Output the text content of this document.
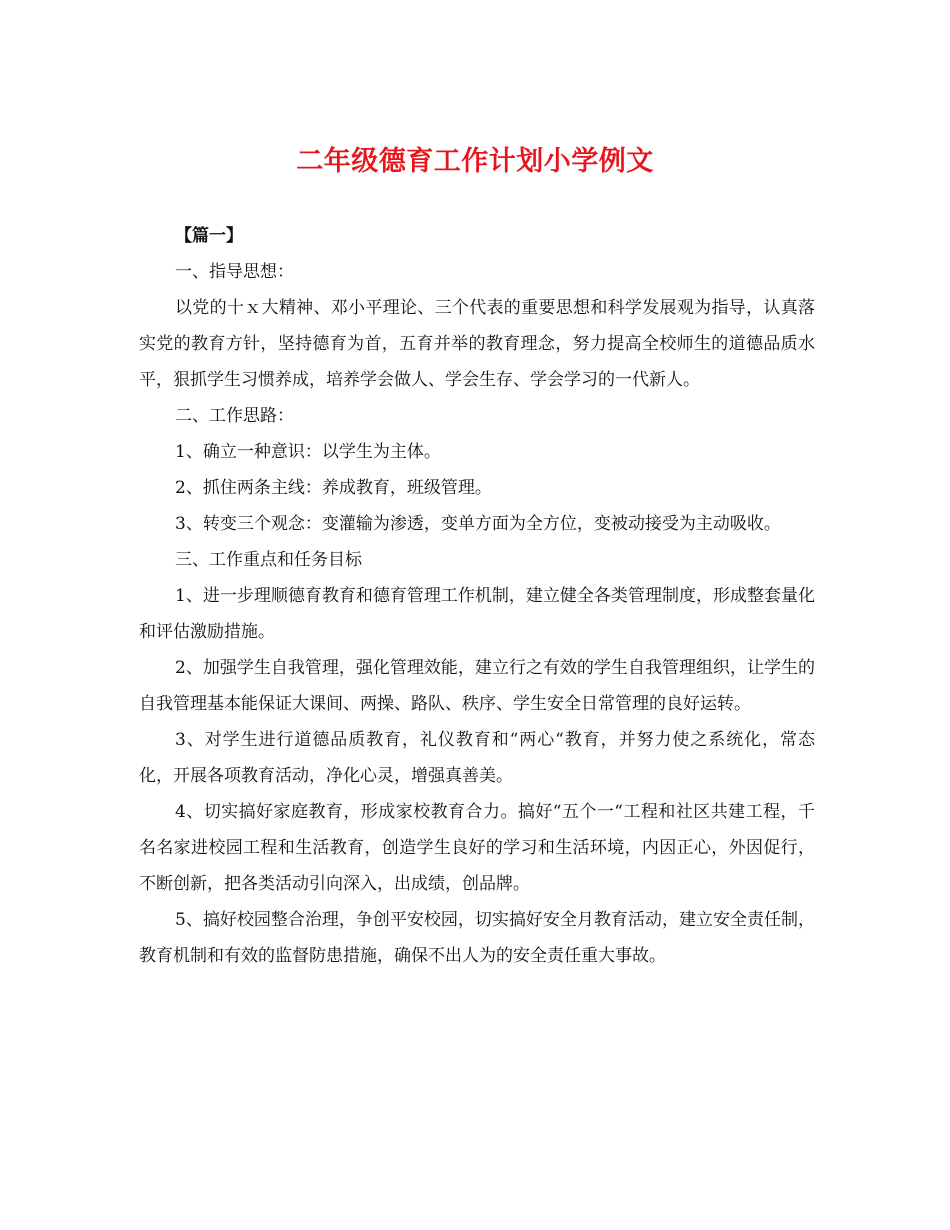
二年级德育工作计划小学例文

【篇一】

一、指导思想：

以党的十ｘ大精神、邓小平理论、三个代表的重要思想和科学发展观为指导，认真落实党的教育方针，坚持德育为首，五育并举的教育理念，努力提高全校师生的道德品质水平，狠抓学生习惯养成，培养学会做人、学会生存、学会学习的一代新人。

二、工作思路：

1、确立一种意识：以学生为主体。

2、抓住两条主线：养成教育，班级管理。

3、转变三个观念：变灌输为渗透，变单方面为全方位，变被动接受为主动吸收。

三、工作重点和任务目标

1、进一步理顺德育教育和德育管理工作机制，建立健全各类管理制度，形成整套量化和评估激励措施。

2、加强学生自我管理，强化管理效能，建立行之有效的学生自我管理组织，让学生的自我管理基本能保证大课间、两操、路队、秩序、学生安全日常管理的良好运转。

3、对学生进行道德品质教育，礼仪教育和“两心“教育，并努力使之系统化，常态化，开展各项教育活动，净化心灵，增强真善美。

4、切实搞好家庭教育，形成家校教育合力。搞好“五个一“工程和社区共建工程，千名名家进校园工程和生活教育，创造学生良好的学习和生活环境，内因正心，外因促行，不断创新，把各类活动引向深入，出成绩，创品牌。

5、搞好校园整合治理，争创平安校园，切实搞好安全月教育活动，建立安全责任制，教育机制和有效的监督防患措施，确保不出人为的安全责任重大事故。
